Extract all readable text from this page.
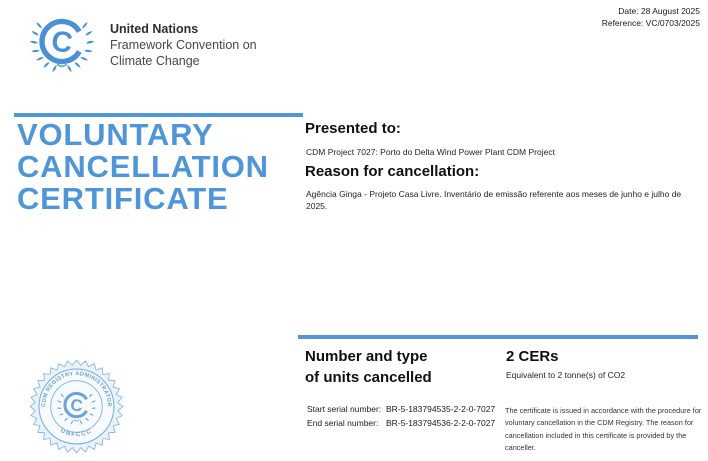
C	United Nations
Framework Convention on
Climate Change
Date: 28 August 2025
Reference: VC/0703/2025
VOLUNTARY
CANCELLATION
CERTIFICATE
Presented to:
CDM Project 7027: Porto do Delta Wind Power Plant CDM Project
Reason for cancellation:
Agência Ginga - Projeto Casa Livre. Inventário de emissão referente aos meses de junho e julho de 2025.
Number and type
of units cancelled
2 CERs
Equivalent to 2 tonne(s) of CO2
Start serial number: BR-5-183794535-2-2-0-7027
End serial number: BR-5-183794536-2-2-0-7027
The certificate is issued in accordance with the procedure for voluntary cancellation in the CDM Registry. The reason for cancellation included in this certificate is provided by the canceller.
CDM REGISTRY ADMINISTRATOR
UNFCCC
C
